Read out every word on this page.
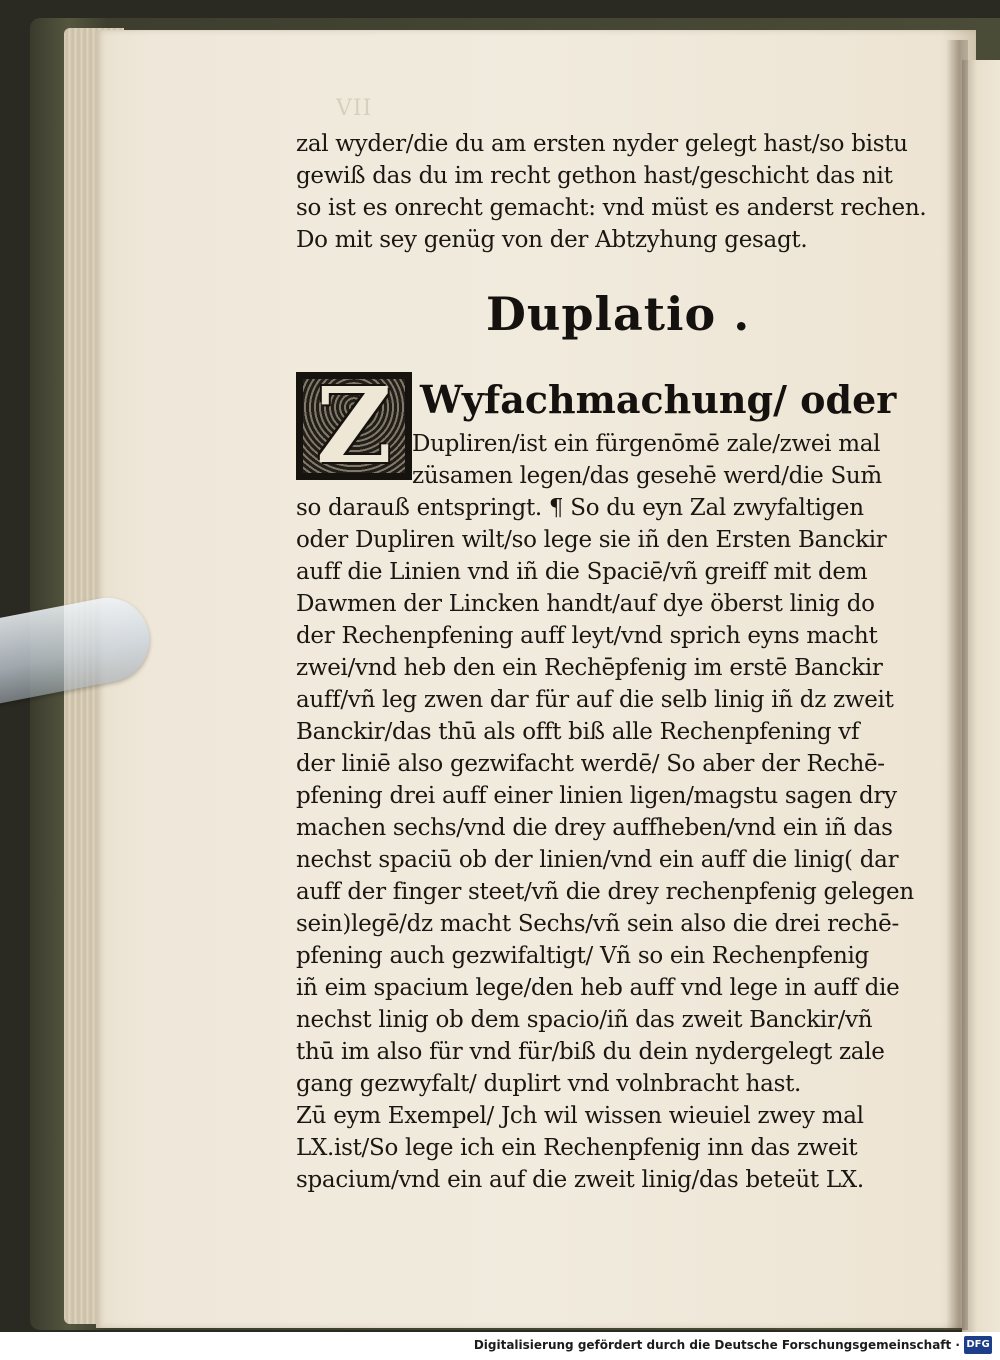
VII
zal wyder/die du am ersten nyder gelegt hast/so bistu
gewiß das du im recht gethon hast/geschicht das nit
so ist es onrecht gemacht: vnd müst es anderst rechen.
Do mit sey genüg von der Abtzyhung gesagt.
Duplatio .
Z Wyfachmachung/ oder
Dupliren/ist ein fürgenōmē zale/zwei mal
züsamen legen/das gesehē werd/die Sum̄
so darauß entspringt. ¶ So du eyn Zal zwyfaltigen
oder Dupliren wilt/so lege sie iñ den Ersten Banckir
auff die Linien vnd iñ die Spaciē/vñ greiff mit dem
Dawmen der Lincken handt/auf dye öberst linig do
der Rechenpfening auff leyt/vnd sprich eyns macht
zwei/vnd heb den ein Rechēpfenig im erstē Banckir
auff/vñ leg zwen dar für auf die selb linig iñ dz zweit
Banckir/das thū als offt biß alle Rechenpfening vf
der liniē also gezwifacht werdē/ So aber der Rechē-
pfening drei auff einer linien ligen/magstu sagen dry
machen sechs/vnd die drey auffheben/vnd ein iñ das
nechst spaciū ob der linien/vnd ein auff die linig( dar
auff der finger steet/vñ die drey rechenpfenig gelegen
sein)legē/dz macht Sechs/vñ sein also die drei rechē-
pfening auch gezwifaltigt/ Vñ so ein Rechenpfenig
iñ eim spacium lege/den heb auff vnd lege in auff die
nechst linig ob dem spacio/iñ das zweit Banckir/vñ
thū im also für vnd für/biß du dein nydergelegt zale
gang gezwyfalt/ duplirt vnd volnbracht hast.
Zū eym Exempel/ Jch wil wissen wieuiel zwey mal
LX.ist/So lege ich ein Rechenpfenig inn das zweit
spacium/vnd ein auf die zweit linig/das beteüt LX.
Digitalisierung gefördert durch die Deutsche Forschungsgemeinschaft · DFG
